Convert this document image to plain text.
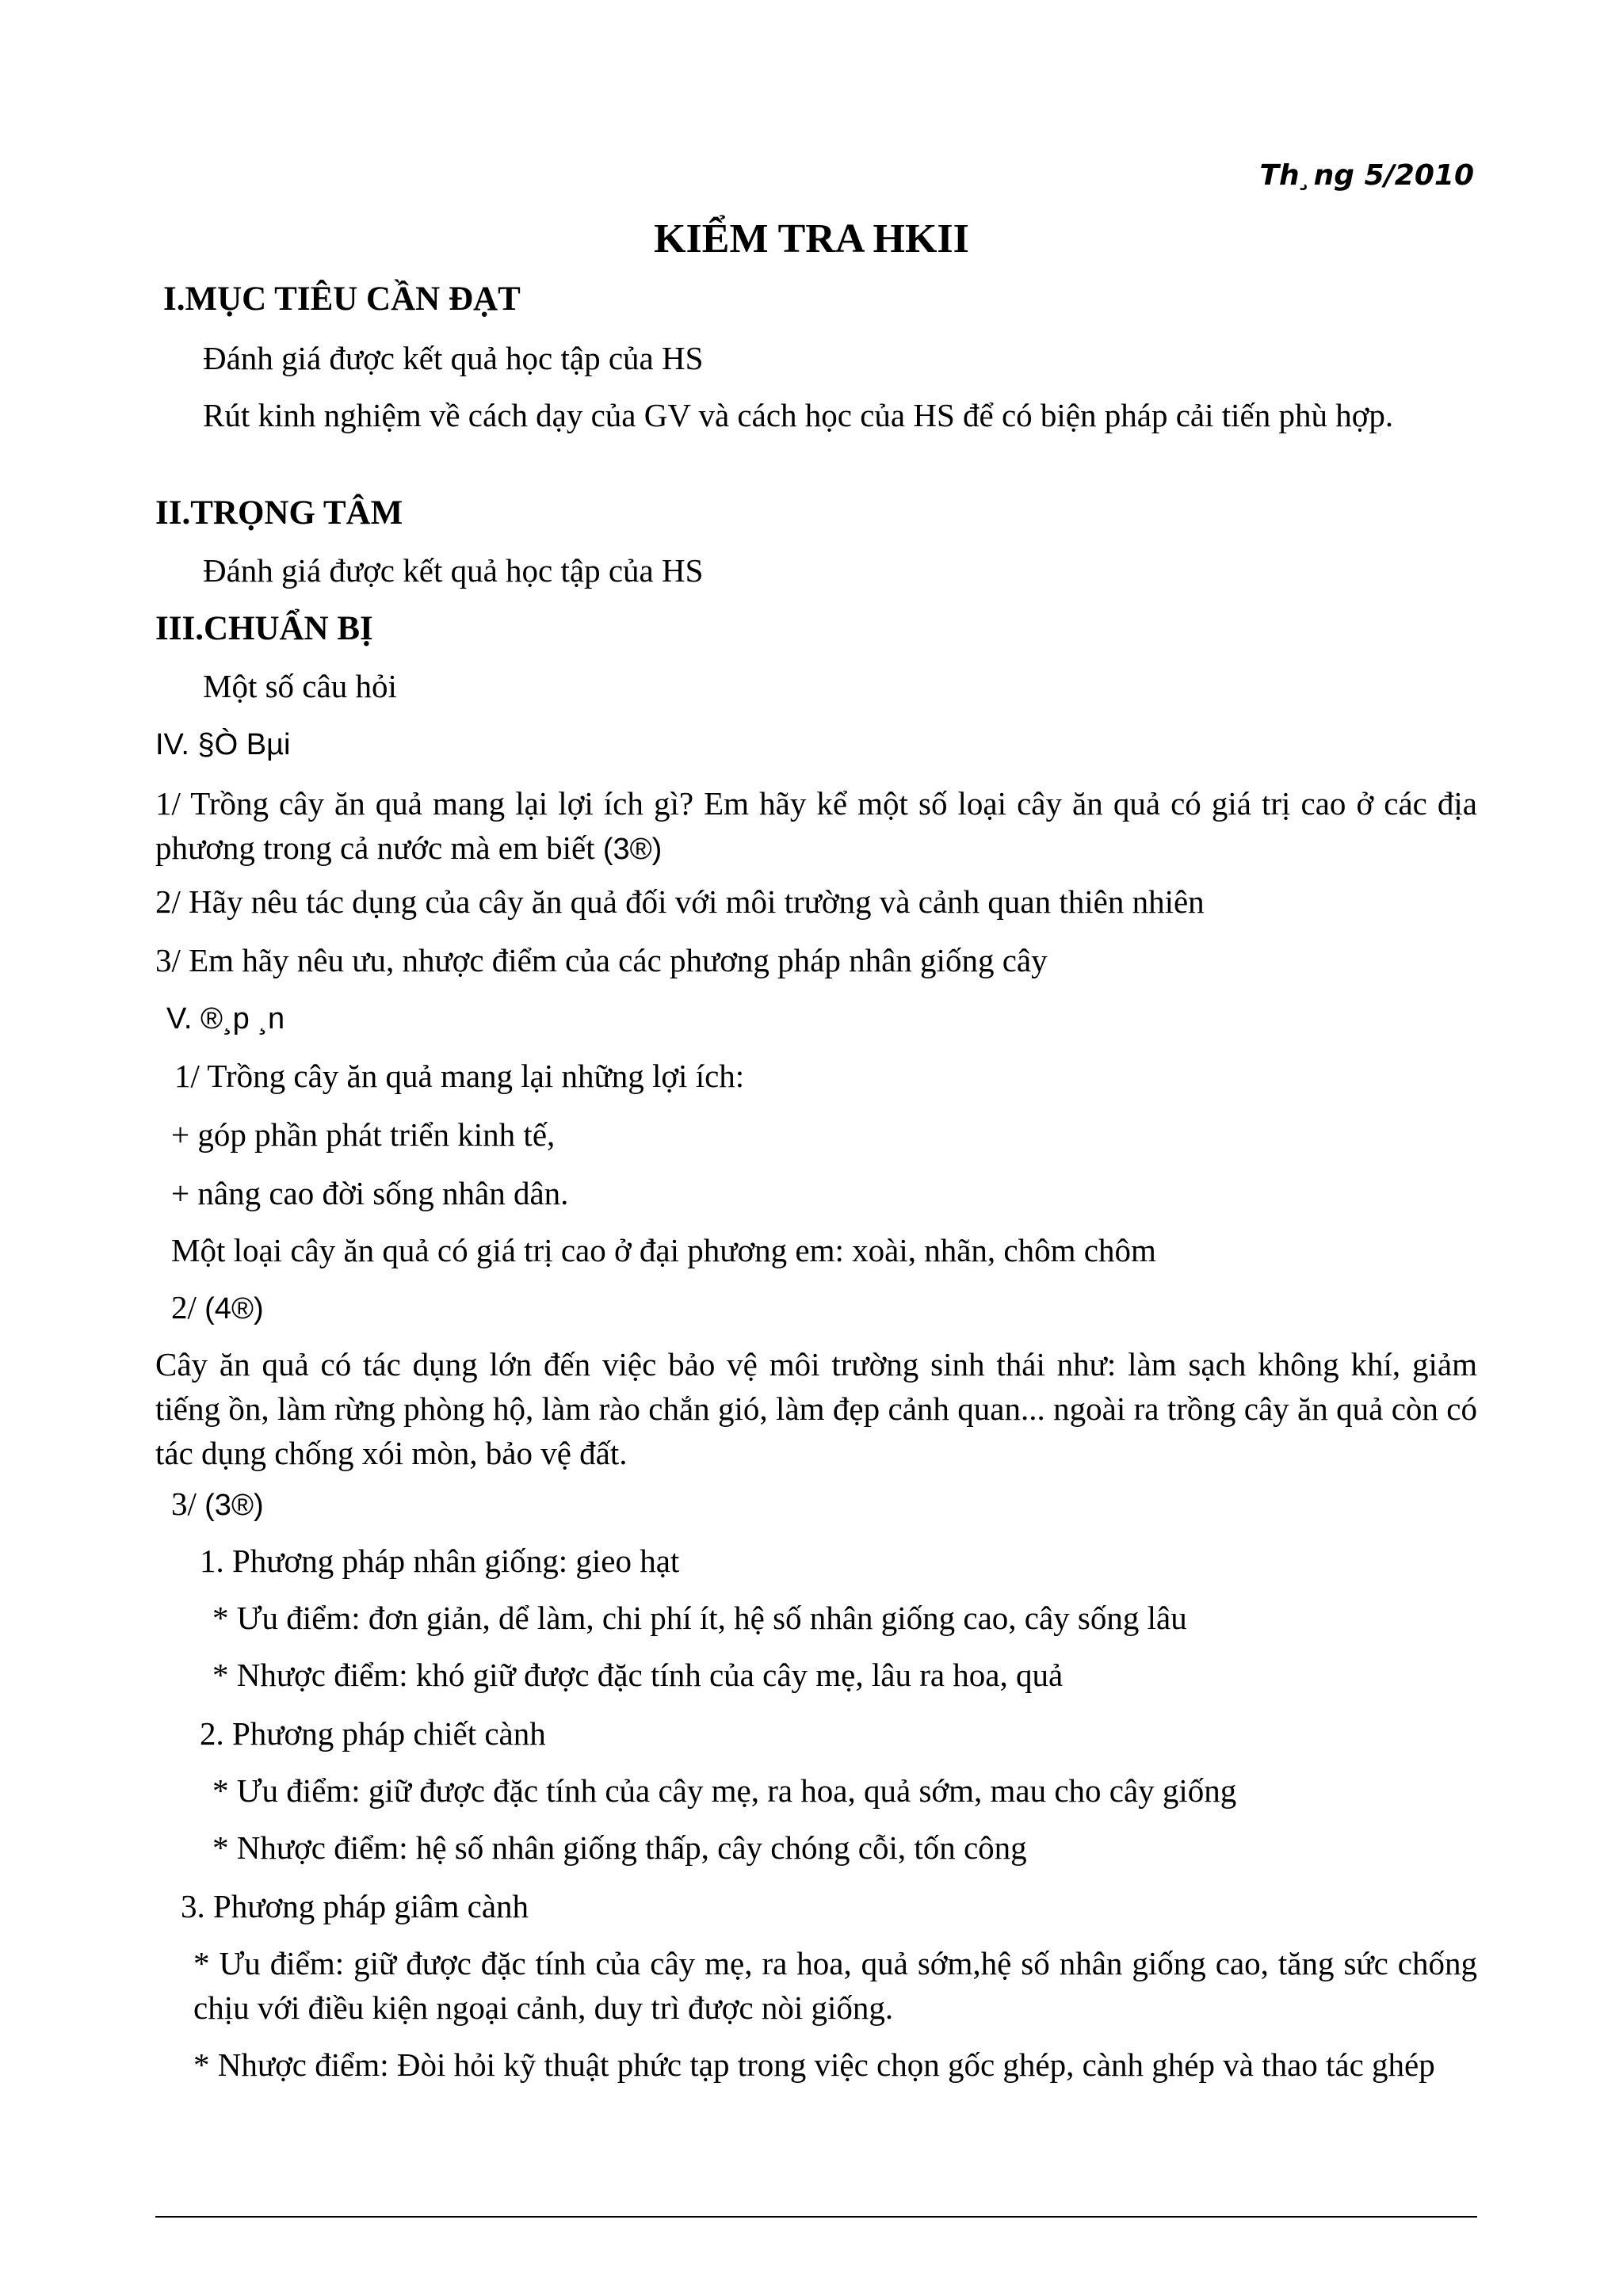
Th¸ng 5/2010
KIỂM TRA HKII
I.MỤC TIÊU CẦN ĐẠT
Đánh giá được kết quả học tập của HS
Rút kinh nghiệm về cách dạy của GV và cách học của HS để có biện pháp cải tiến phù hợp.
II.TRỌNG TÂM
Đánh giá được kết quả học tập của HS
III.CHUẨN BỊ
Một số câu hỏi
IV. §Ò Bµi
1/ Trồng cây ăn quả mang lại lợi ích gì? Em hãy kể một số loại cây ăn quả có giá trị cao ở các địa phương trong cả nước mà em biết (3®)
2/ Hãy nêu tác dụng của cây ăn quả đối với môi trường và cảnh quan thiên nhiên
3/ Em hãy nêu ưu, nhược điểm của các phương pháp nhân giống cây
V. ®¸p ¸n
1/ Trồng cây ăn quả mang lại những lợi ích:
+ góp phần phát triển kinh tế,
+ nâng cao đời sống nhân dân.
Một loại cây ăn quả có giá trị cao ở đại phương em: xoài, nhãn, chôm chôm
2/ (4®)
Cây ăn quả có tác dụng lớn đến việc bảo vệ môi trường sinh thái như: làm sạch không khí, giảm tiếng ồn, làm rừng phòng hộ, làm rào chắn gió, làm đẹp cảnh quan... ngoài ra trồng cây ăn quả còn có tác dụng chống xói mòn, bảo vệ đất.
3/ (3®)
1. Phương pháp nhân giống: gieo hạt
* Ưu điểm: đơn giản, dể làm, chi phí ít, hệ số nhân giống cao, cây sống lâu
* Nhược điểm: khó giữ được đặc tính của cây mẹ, lâu ra hoa, quả
2. Phương pháp chiết cành
* Ưu điểm: giữ được đặc tính của cây mẹ, ra hoa, quả sớm, mau cho cây giống
* Nhược điểm: hệ số nhân giống thấp, cây chóng cỗi, tốn công
3. Phương pháp giâm cành
* Ưu điểm: giữ được đặc tính của cây mẹ, ra hoa, quả sớm,hệ số nhân giống cao, tăng sức chống chịu với điều kiện ngoại cảnh, duy trì được nòi giống.
* Nhược điểm: Đòi hỏi kỹ thuật phức tạp trong việc chọn gốc ghép, cành ghép và thao tác ghép
